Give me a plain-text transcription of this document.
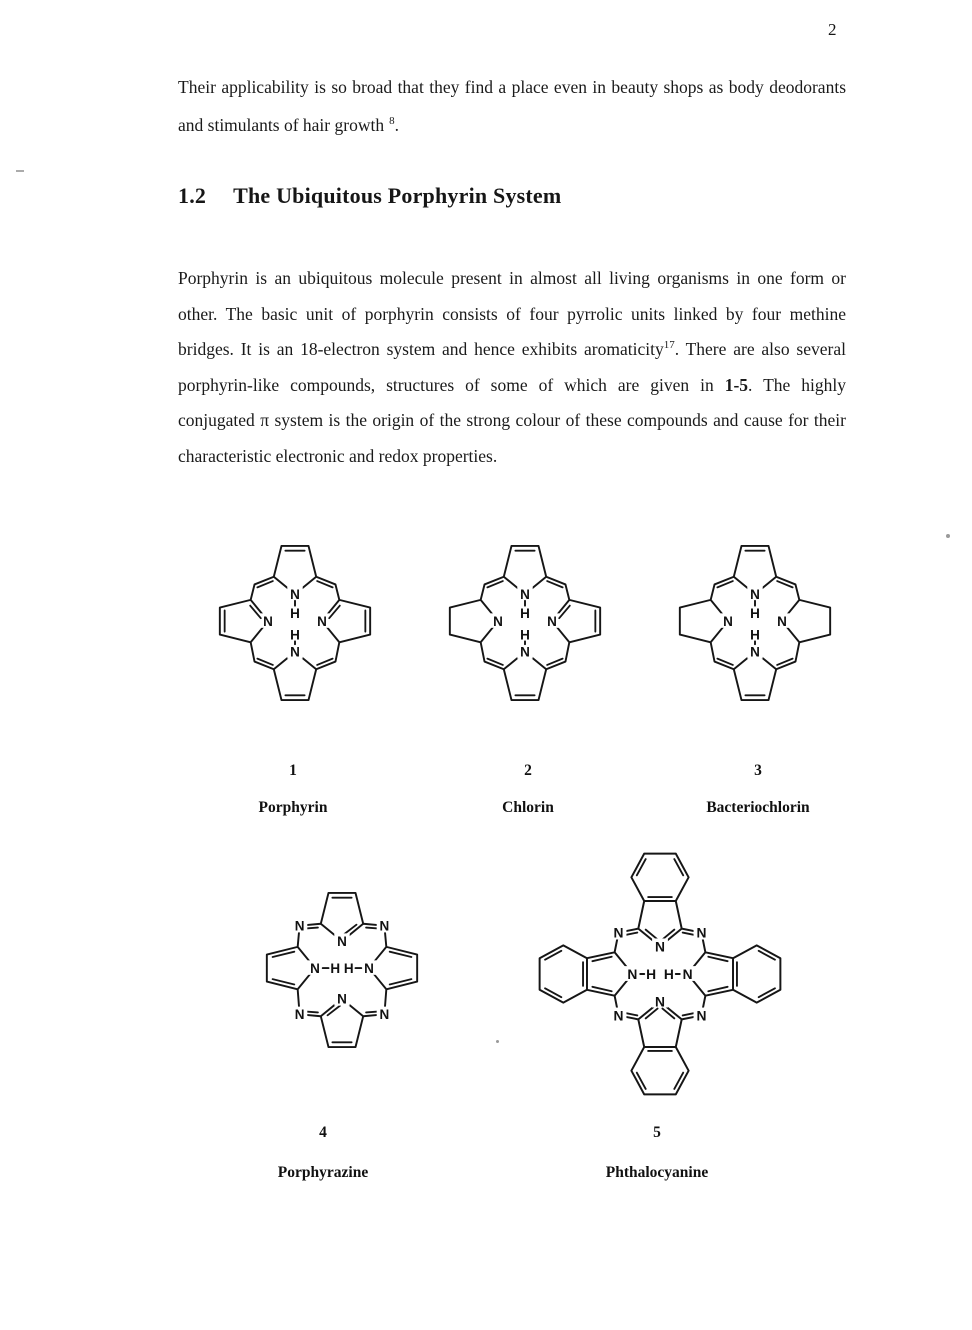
2

Their applicability is so broad that they find a place even in beauty shops as body deodorants and stimulants of hair growth $^8$.

1.2 The Ubiquitous Porphyrin System

Porphyrin is an ubiquitous molecule present in almost all living organisms in one form or other. The basic unit of porphyrin consists of four pyrrolic units linked by four methine bridges. It is an 18-electron system and hence exhibits aromaticity$^{17}$. There are also several porphyrin-like compounds, structures of some of which are given in 1-5. The highly conjugated π system is the origin of the strong colour of these compounds and cause for their characteristic electronic and redox properties.

1	2	3
Porphyrin	Chlorin	Bacteriochlorin
N	N
N	N
N
N
N H H N
N	N
N	N
N
N
N H H N
4	5
Porphyrazine	Phthalocyanine
